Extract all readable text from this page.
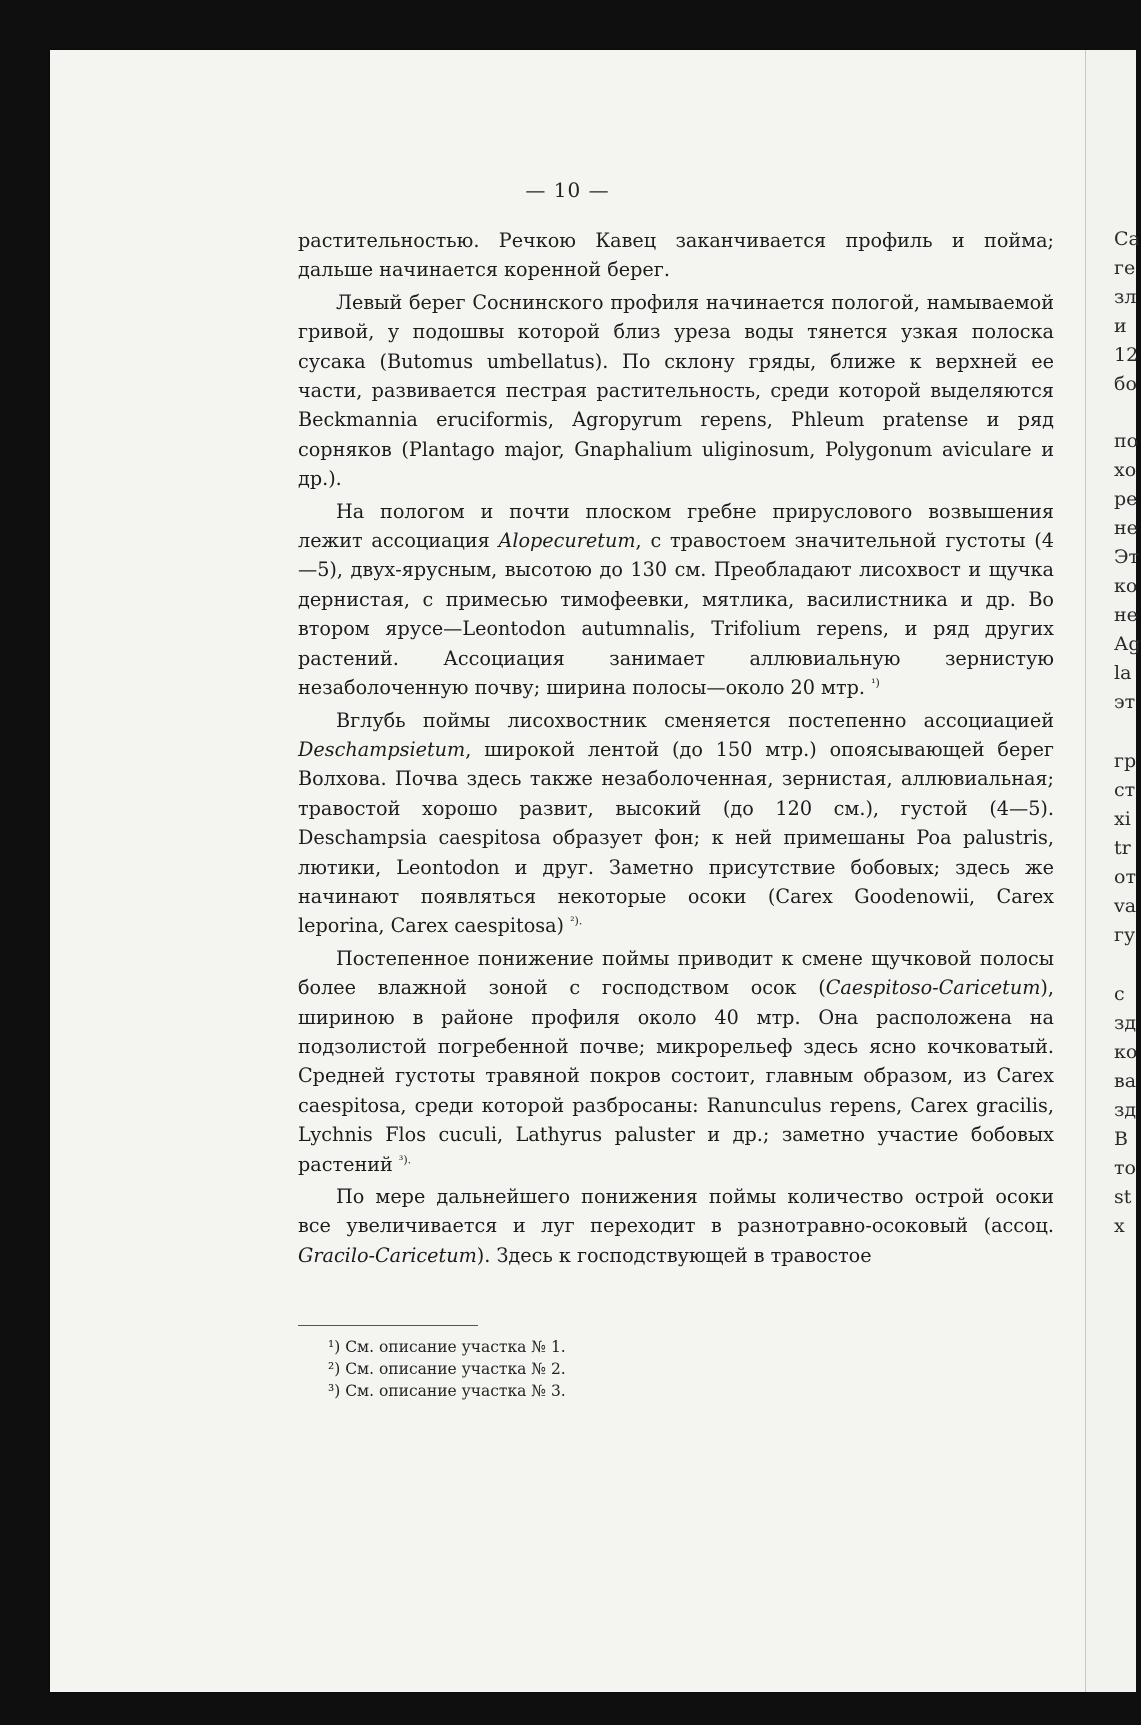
— 10 —

растительностью. Речкою Кавец заканчивается профиль и пойма; дальше начинается коренной берег.

Левый берег Соснинского профиля начинается пологой, намываемой гривой, у подошвы которой близ уреза воды тянется узкая полоска сусака (Butomus umbellatus). По склону гряды, ближе к верхней ее части, развивается пестрая растительность, среди которой выделяются Beckmannia eruciformis, Agropyrum repens, Phleum pratense и ряд сорняков (Plantago major, Gnaphalium uliginosum, Polygonum aviculare и др.).

На пологом и почти плоском гребне прируслового возвышения лежит ассоциация Alopecuretum, с травостоем значительной густоты (4—5), двух-ярусным, высотою до 130 см. Преобладают лисохвост и щучка дернистая, с примесью тимофеевки, мятлика, василистника и др. Во втором ярусе—Leontodon autumnalis, Trifolium repens, и ряд других растений. Ассоциация занимает аллювиальную зернистую незаболоченную почву; ширина полосы—около 20 мтр. $^{^1)}$

Вглубь поймы лисохвостник сменяется постепенно ассоциацией Deschampsietum, широкой лентой (до 150 мтр.) опоясывающей берег Волхова. Почва здесь также незаболоченная, зернистая, аллювиальная; травостой хорошо развит, высокий (до 120 см.), густой (4—5). Deschampsia caespitosa образует фон; к ней примешаны Poa palustris, лютики, Leontodon и друг. Заметно присутствие бобовых; здесь же начинают появляться некоторые осоки (Carex Goodenowii, Carex leporina, Carex caespitosa) $^{^2).}$

Постепенное понижение поймы приводит к смене щучковой полосы более влажной зоной с господством осок (Caespitoso-Caricetum), шириною в районе профиля около 40 мтр. Она расположена на подзолистой погребенной почве; микрорельеф здесь ясно кочковатый. Средней густоты травяной покров состоит, главным образом, из Carex caespitosa, среди которой разбросаны: Ranunculus repens, Carex gracilis, Lychnis Flos cuculi, Lathyrus paluster и др.; заметно участие бобовых растений $^{^3).}$

По мере дальнейшего понижения поймы количество острой осоки все увеличивается и луг переходит в разнотравно-осоковый (ассоц. Gracilo-Caricetum). Здесь к господствующей в травостое

¹) См. описание участка № 1.
²) См. описание участка № 2.
³) См. описание участка № 3.
Са
ге
зл
и
12
бо
по
хо
ре
не
Эт
ко
не
Аg
la
эт
гр
ст
хі
tr
от
va
гу
с
зд
ко
ва
зд
В
то
st
х
